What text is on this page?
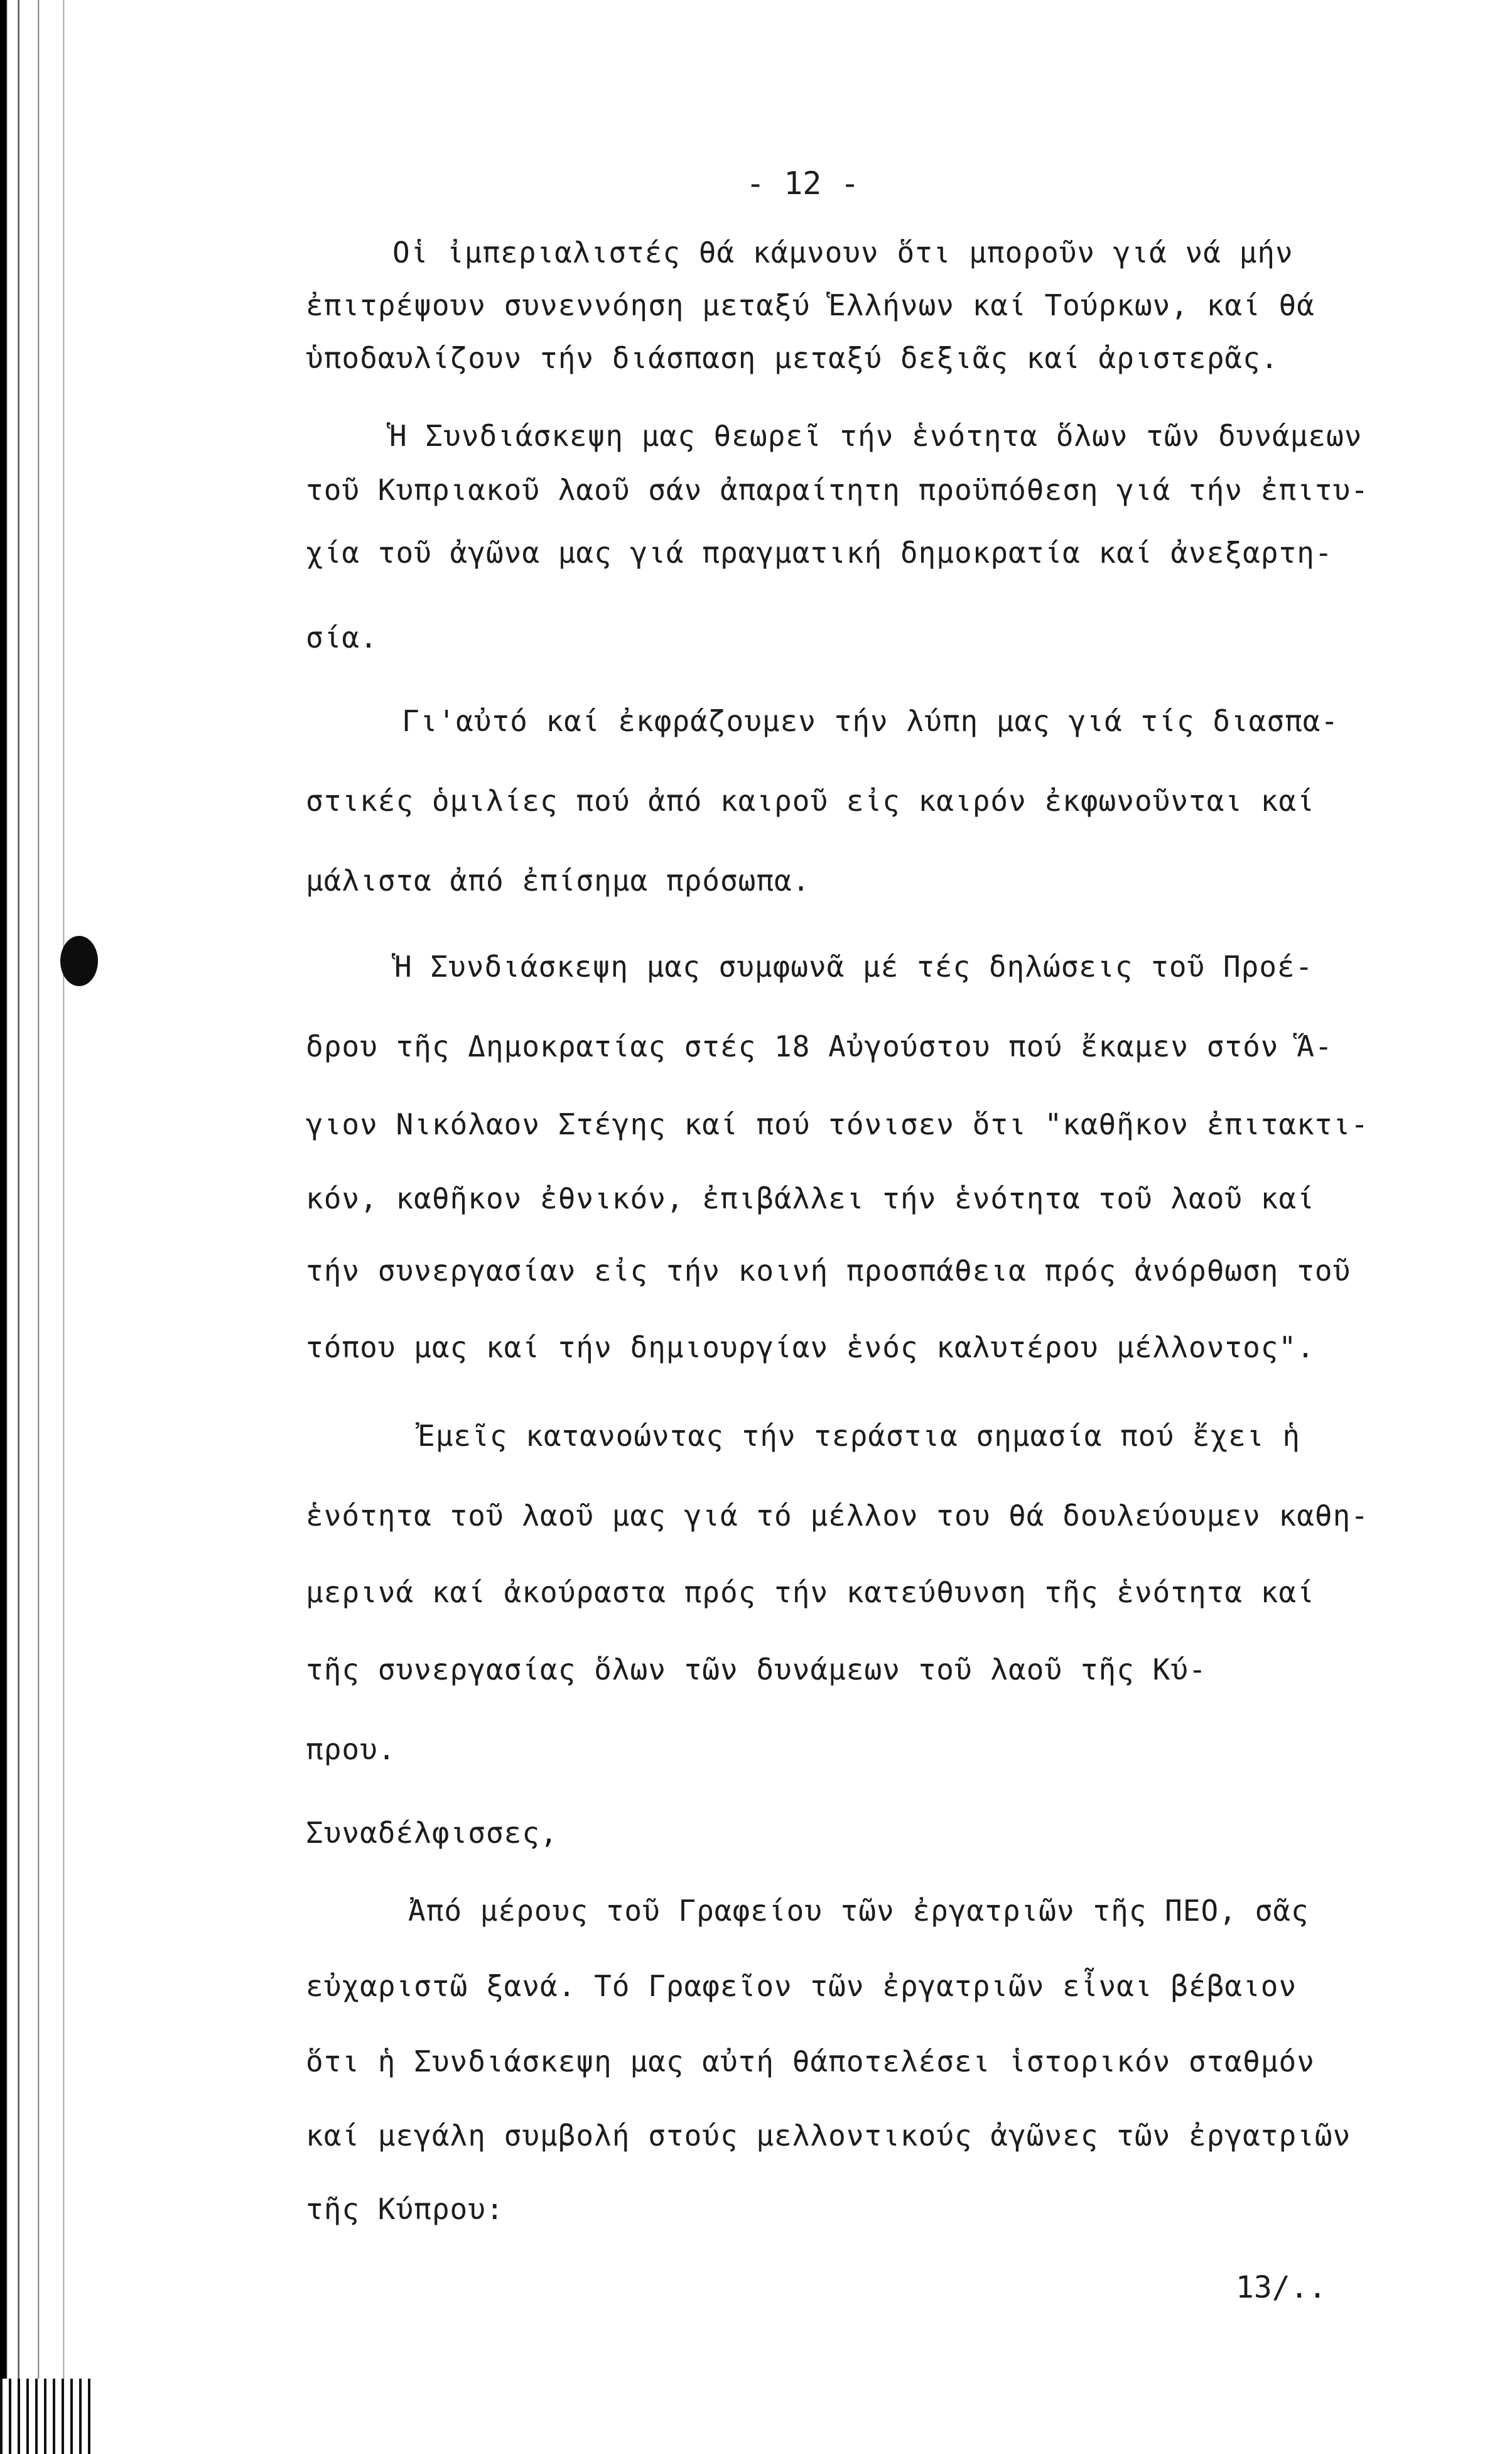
- 12 -
Οἱ ἰμπεριαλιστές θά κάμνουν ὅτι μποροῦν γιά νά μήν
ἐπιτρέψουν συνεννόηση μεταξύ Ἑλλήνων καί Τούρκων, καί θά
ὑποδαυλίζουν τήν διάσπαση μεταξύ δεξιᾶς καί ἀριστερᾶς.
Ἡ Συνδιάσκεψη μας θεωρεῖ τήν ἑνότητα ὅλων τῶν δυνάμεων
τοῦ Κυπριακοῦ λαοῦ σάν ἀπαραίτητη προϋπόθεση γιά τήν ἐπιτυ-
χία τοῦ ἀγῶνα μας γιά πραγματική δημοκρατία καί ἀνεξαρτη-
σία.
Γι'αὐτό καί ἐκφράζουμεν τήν λύπη μας γιά τίς διασπα-
στικές ὁμιλίες πού ἀπό καιροῦ εἰς καιρόν ἐκφωνοῦνται καί
μάλιστα ἀπό ἐπίσημα πρόσωπα.
Ἡ Συνδιάσκεψη μας συμφωνᾶ μέ τές δηλώσεις τοῦ Προέ-
δρου τῆς Δημοκρατίας στές 18 Αὐγούστου πού ἔκαμεν στόν Ἅ-
γιον Νικόλαον Στέγης καί πού τόνισεν ὅτι "καθῆκον ἐπιτακτι-
κόν, καθῆκον ἐθνικόν, ἐπιβάλλει τήν ἑνότητα τοῦ λαοῦ καί
τήν συνεργασίαν εἰς τήν κοινή προσπάθεια πρός ἀνόρθωση τοῦ
τόπου μας καί τήν δημιουργίαν ἑνός καλυτέρου μέλλοντος".
Ἐμεῖς κατανοώντας τήν τεράστια σημασία πού ἔχει ἡ
ἑνότητα τοῦ λαοῦ μας γιά τό μέλλον του θά δουλεύουμεν καθη-
μερινά καί ἀκούραστα πρός τήν κατεύθυνση τῆς ἑνότητα καί
τῆς συνεργασίας ὅλων τῶν δυνάμεων τοῦ λαοῦ τῆς Κύ-
πρου.
Συναδέλφισσες,
Ἀπό μέρους τοῦ Γραφείου τῶν ἐργατριῶν τῆς ΠΕΟ, σᾶς
εὐχαριστῶ ξανά. Τό Γραφεῖον τῶν ἐργατριῶν εἶναι βέβαιον
ὅτι ἡ Συνδιάσκεψη μας αὐτή θάποτελέσει ἱστορικόν σταθμόν
καί μεγάλη συμβολή στούς μελλοντικούς ἀγῶνες τῶν ἐργατριῶν
τῆς Κύπρου:
13/..
